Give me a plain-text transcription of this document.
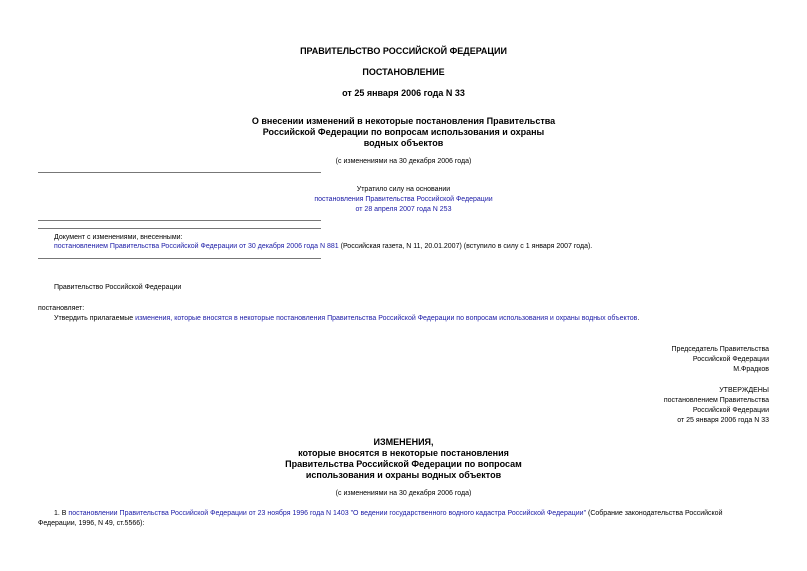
ПРАВИТЕЛЬСТВО РОССИЙСКОЙ ФЕДЕРАЦИИ
ПОСТАНОВЛЕНИЕ
от 25 января 2006 года N 33
О внесении изменений в некоторые постановления Правительства
Российской Федерации по вопросам использования и охраны
водных объектов
(с изменениями на 30 декабря 2006 года)
Утратило силу на основании
постановления Правительства Российской Федерации
от 28 апреля 2007 года N 253
Документ с изменениями, внесенными:
постановлением Правительства Российской Федерации от 30 декабря 2006 года N 881 (Российская газета, N 11, 20.01.2007) (вступило в силу с 1 января 2007 года).
Правительство Российской Федерации
постановляет:
Утвердить прилагаемые изменения, которые вносятся в некоторые постановления Правительства Российской Федерации по вопросам использования и охраны водных объектов.
Председатель Правительства
Российской Федерации
М.Фрадков
УТВЕРЖДЕНЫ
постановлением Правительства
Российской Федерации
от 25 января 2006 года N 33
ИЗМЕНЕНИЯ,
которые вносятся в некоторые постановления
Правительства Российской Федерации по вопросам
использования и охраны водных объектов
(с изменениями на 30 декабря 2006 года)
1. В постановлении Правительства Российской Федерации от 23 ноября 1996 года N 1403 "О ведении государственного водного кадастра Российской Федерации" (Собрание законодательства Российской
Федерации, 1996, N 49, ст.5566):
